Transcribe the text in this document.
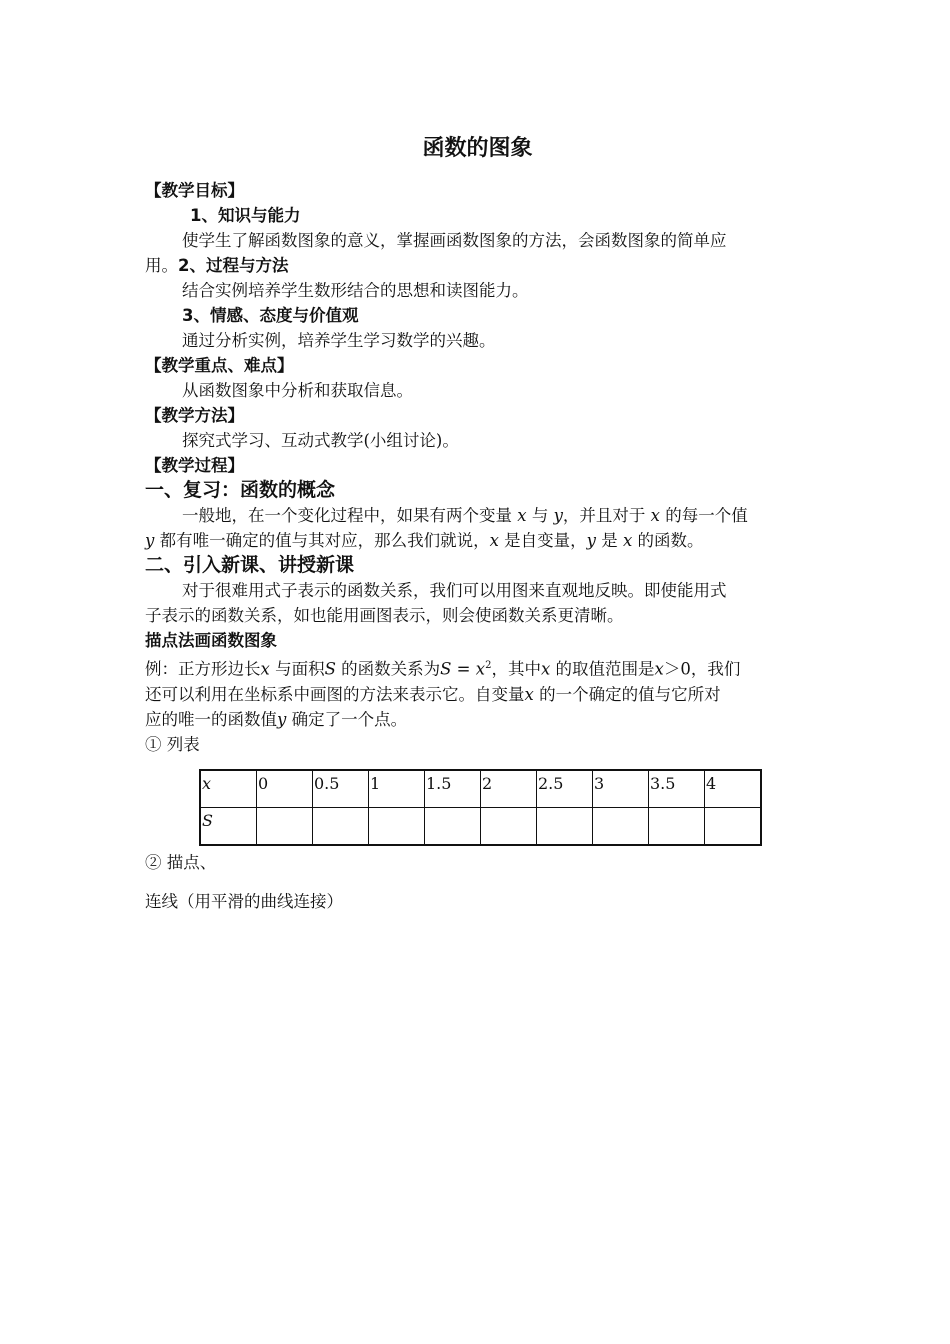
函数的图象

【教学目标】

1、知识与能力

使学生了解函数图象的意义，掌握画函数图象的方法，会函数图象的简单应

用。2、过程与方法

结合实例培养学生数形结合的思想和读图能力。

3、情感、态度与价值观

通过分析实例，培养学生学习数学的兴趣。

【教学重点、难点】

从函数图象中分析和获取信息。

【教学方法】

探究式学习、互动式教学(小组讨论)。

【教学过程】

一、复习：函数的概念

一般地，在一个变化过程中，如果有两个变量 x 与 y，并且对于 x 的每一个值

y 都有唯一确定的值与其对应，那么我们就说，x 是自变量，y 是 x 的函数。

二、引入新课、讲授新课

对于很难用式子表示的函数关系，我们可以用图来直观地反映。即使能用式

子表示的函数关系，如也能用画图表示，则会使函数关系更清晰。

描点法画函数图象

例：正方形边长x 与面积S 的函数关系为$S = x^2$，其中x 的取值范围是x＞0，我们

还可以利用在坐标系中画图的方法来表示它。自变量x 的一个确定的值与它所对

应的唯一的函数值y 确定了一个点。

① 列表

x	0	0.5	1	1.5	2	2.5	3	3.5	4
S									

② 描点、

连线（用平滑的曲线连接）
